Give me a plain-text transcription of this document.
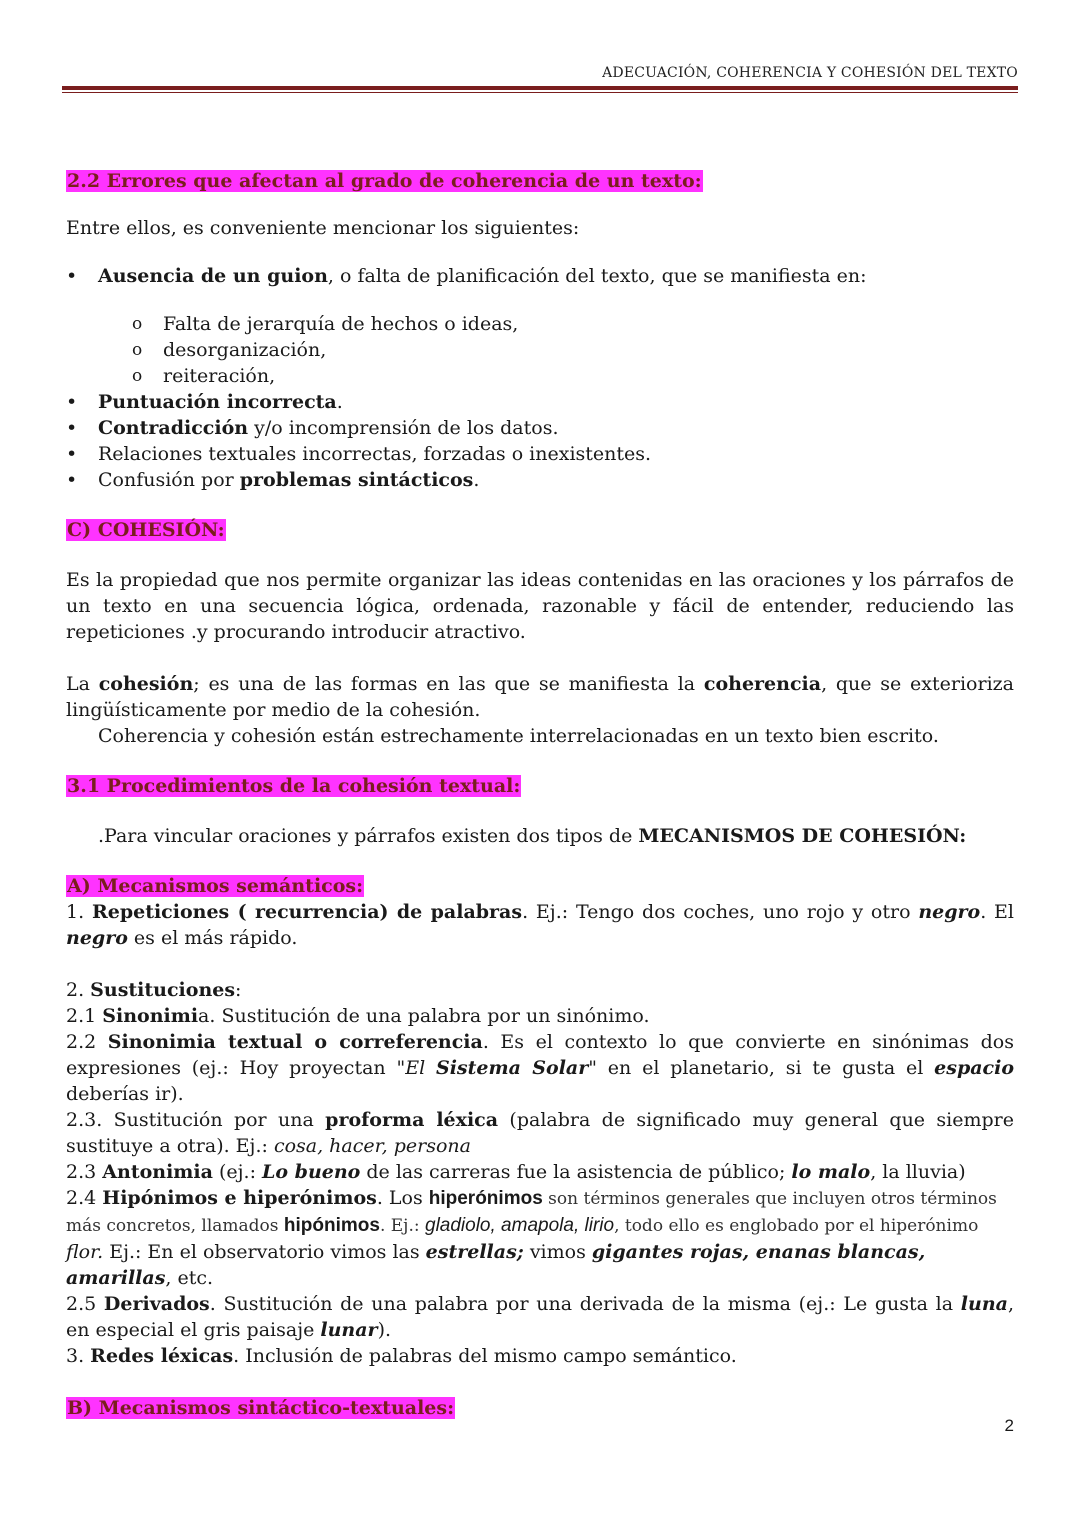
ADECUACIÓN, COHERENCIA Y COHESIÓN DEL TEXTO

2.2 Errores que afectan al grado de coherencia de un texto:

Entre ellos, es conveniente mencionar los siguientes:

• Ausencia de un guion, o falta de planificación del texto, que se manifiesta en:
o Falta de jerarquía de hechos o ideas,
o desorganización,
o reiteración,
• Puntuación incorrecta.
• Contradicción y/o incomprensión de los datos.
• Relaciones textuales incorrectas, forzadas o inexistentes.
• Confusión por problemas sintácticos.

C) COHESIÓN:

Es la propiedad que nos permite organizar las ideas contenidas en las oraciones y los párrafos de un texto en una secuencia lógica, ordenada, razonable y fácil de entender, reduciendo las repeticiones .y procurando introducir atractivo.

La cohesión; es una de las formas en las que se manifiesta la coherencia, que se exterioriza lingüísticamente por medio de la cohesión.

Coherencia y cohesión están estrechamente interrelacionadas en un texto bien escrito.

3.1 Procedimientos de la cohesión textual:

.Para vincular oraciones y párrafos existen dos tipos de MECANISMOS DE COHESIÓN:

A) Mecanismos semánticos:

1. Repeticiones ( recurrencia) de palabras. Ej.: Tengo dos coches, uno rojo y otro negro. El negro es el más rápido.

2. Sustituciones:

2.1 Sinonimia. Sustitución de una palabra por un sinónimo.

2.2 Sinonimia textual o correferencia. Es el contexto lo que convierte en sinónimas dos expresiones (ej.: Hoy proyectan "El Sistema Solar" en el planetario, si te gusta el espacio deberías ir).

2.3. Sustitución por una proforma léxica (palabra de significado muy general que siempre sustituye a otra). Ej.: cosa, hacer, persona

2.3 Antonimia (ej.: Lo bueno de las carreras fue la asistencia de público; lo malo, la lluvia)

2.4 Hipónimos e hiperónimos. Los hiperónimos son términos generales que incluyen otros términos más concretos, llamados hipónimos. Ej.: gladiolo, amapola, lirio, todo ello es englobado por el hiperónimo flor. Ej.: En el observatorio vimos las estrellas; vimos gigantes rojas, enanas blancas, amarillas, etc.

2.5 Derivados. Sustitución de una palabra por una derivada de la misma (ej.: Le gusta la luna, en especial el gris paisaje lunar).

3. Redes léxicas. Inclusión de palabras del mismo campo semántico.

B) Mecanismos sintáctico-textuales:

2
